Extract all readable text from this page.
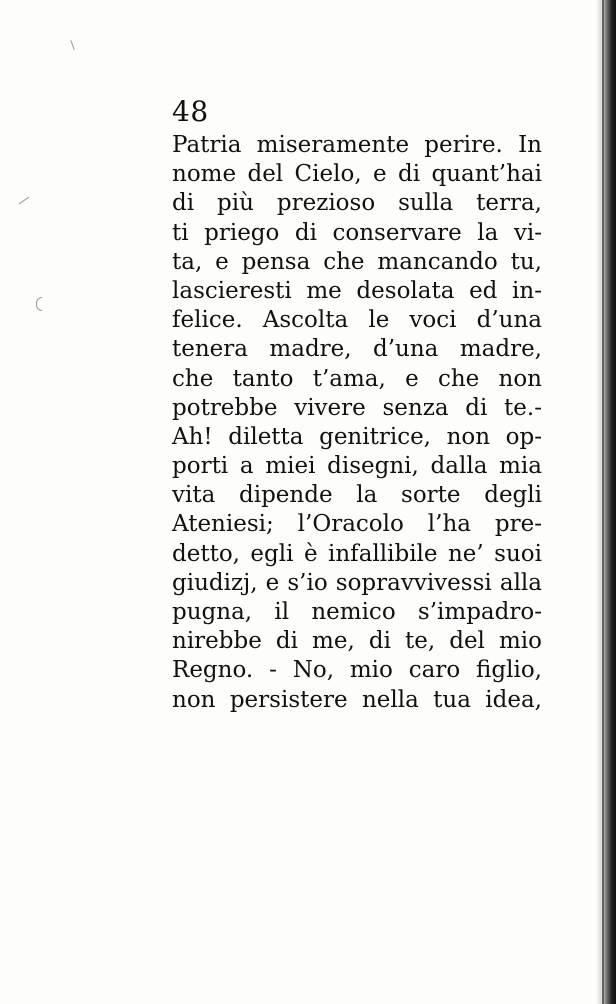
48
Patria miseramente perire. In
nome del Cielo, e di quant’hai
di più prezioso sulla terra,
ti priego di conservare la vi-
ta, e pensa che mancando tu,
lascieresti me desolata ed in-
felice. Ascolta le voci d’una
tenera madre, d’una madre,
che tanto t’ama, e che non
potrebbe vivere senza di te.-
Ah! diletta genitrice, non op-
porti a miei disegni, dalla mia
vita dipende la sorte degli
Ateniesi; l’Oracolo l’ha pre-
detto, egli è infallibile ne’ suoi
giudizj, e s’io sopravvivessi alla
pugna, il nemico s’impadro-
nirebbe di me, di te, del mio
Regno. - No, mio caro figlio,
non persistere nella tua idea,
